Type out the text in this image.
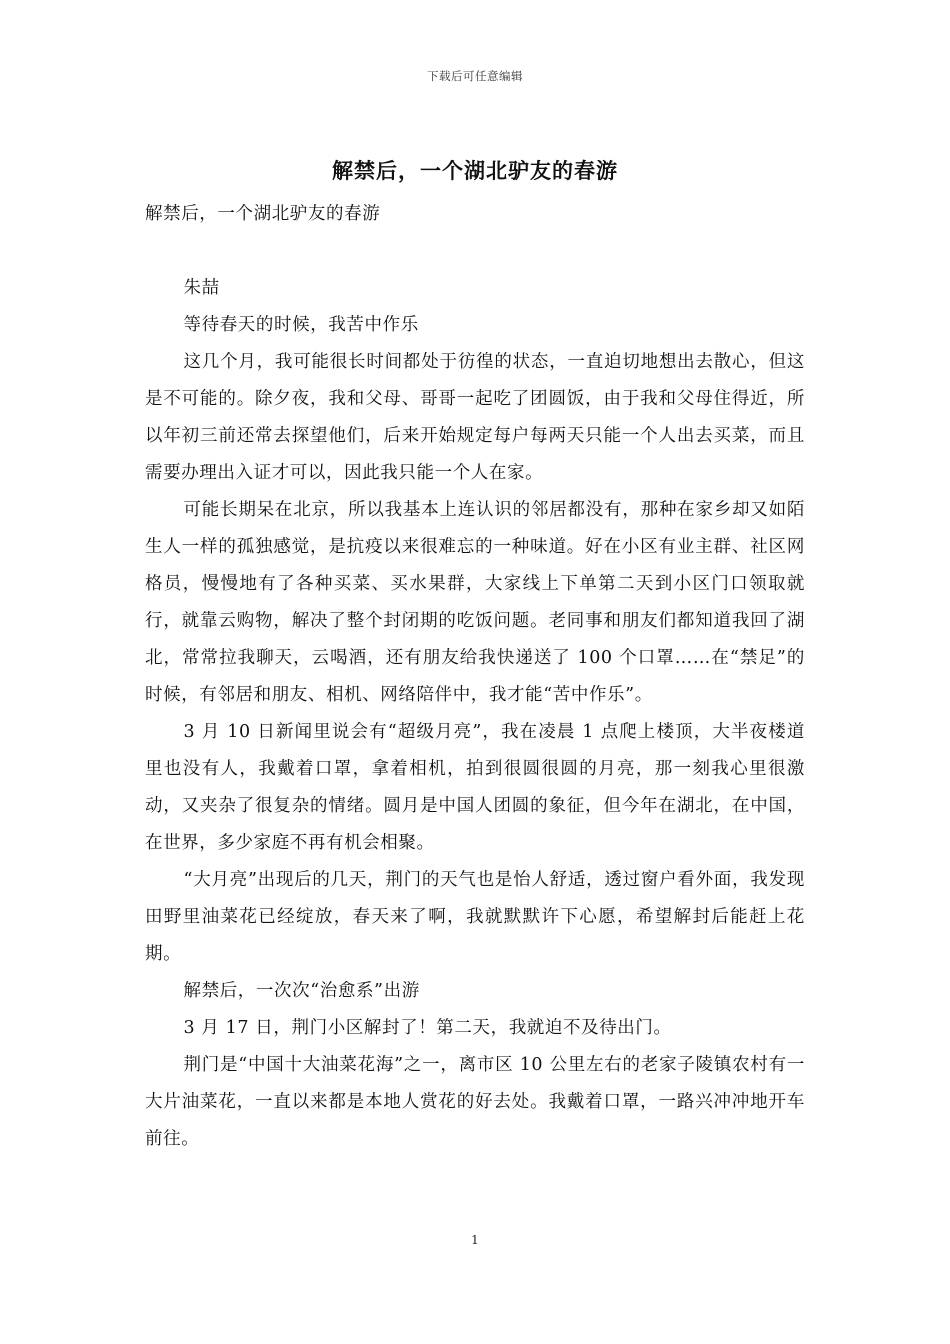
下载后可任意编辑
解禁后，一个湖北驴友的春游

解禁后，一个湖北驴友的春游

朱喆

等待春天的时候，我苦中作乐

这几个月，我可能很长时间都处于彷徨的状态，一直迫切地想出去散心，但这是不可能的。除夕夜，我和父母、哥哥一起吃了团圆饭，由于我和父母住得近，所以年初三前还常去探望他们，后来开始规定每户每两天只能一个人出去买菜，而且需要办理出入证才可以，因此我只能一个人在家。

可能长期呆在北京，所以我基本上连认识的邻居都没有，那种在家乡却又如陌生人一样的孤独感觉，是抗疫以来很难忘的一种味道。好在小区有业主群、社区网格员，慢慢地有了各种买菜、买水果群，大家线上下单第二天到小区门口领取就行，就靠云购物，解决了整个封闭期的吃饭问题。老同事和朋友们都知道我回了湖北，常常拉我聊天，云喝酒，还有朋友给我快递送了 100 个口罩……在“禁足”的时候，有邻居和朋友、相机、网络陪伴中，我才能“苦中作乐”。

3 月 10 日新闻里说会有“超级月亮”，我在凌晨 1 点爬上楼顶，大半夜楼道里也没有人，我戴着口罩，拿着相机，拍到很圆很圆的月亮，那一刻我心里很激动，又夹杂了很复杂的情绪。圆月是中国人团圆的象征，但今年在湖北，在中国，在世界，多少家庭不再有机会相聚。

“大月亮”出现后的几天，荆门的天气也是怡人舒适，透过窗户看外面，我发现田野里油菜花已经绽放，春天来了啊，我就默默许下心愿，希望解封后能赶上花期。

解禁后，一次次“治愈系”出游

3 月 17 日，荆门小区解封了！第二天，我就迫不及待出门。

荆门是“中国十大油菜花海”之一，离市区 10 公里左右的老家子陵镇农村有一大片油菜花，一直以来都是本地人赏花的好去处。我戴着口罩，一路兴冲冲地开车前往。

1
